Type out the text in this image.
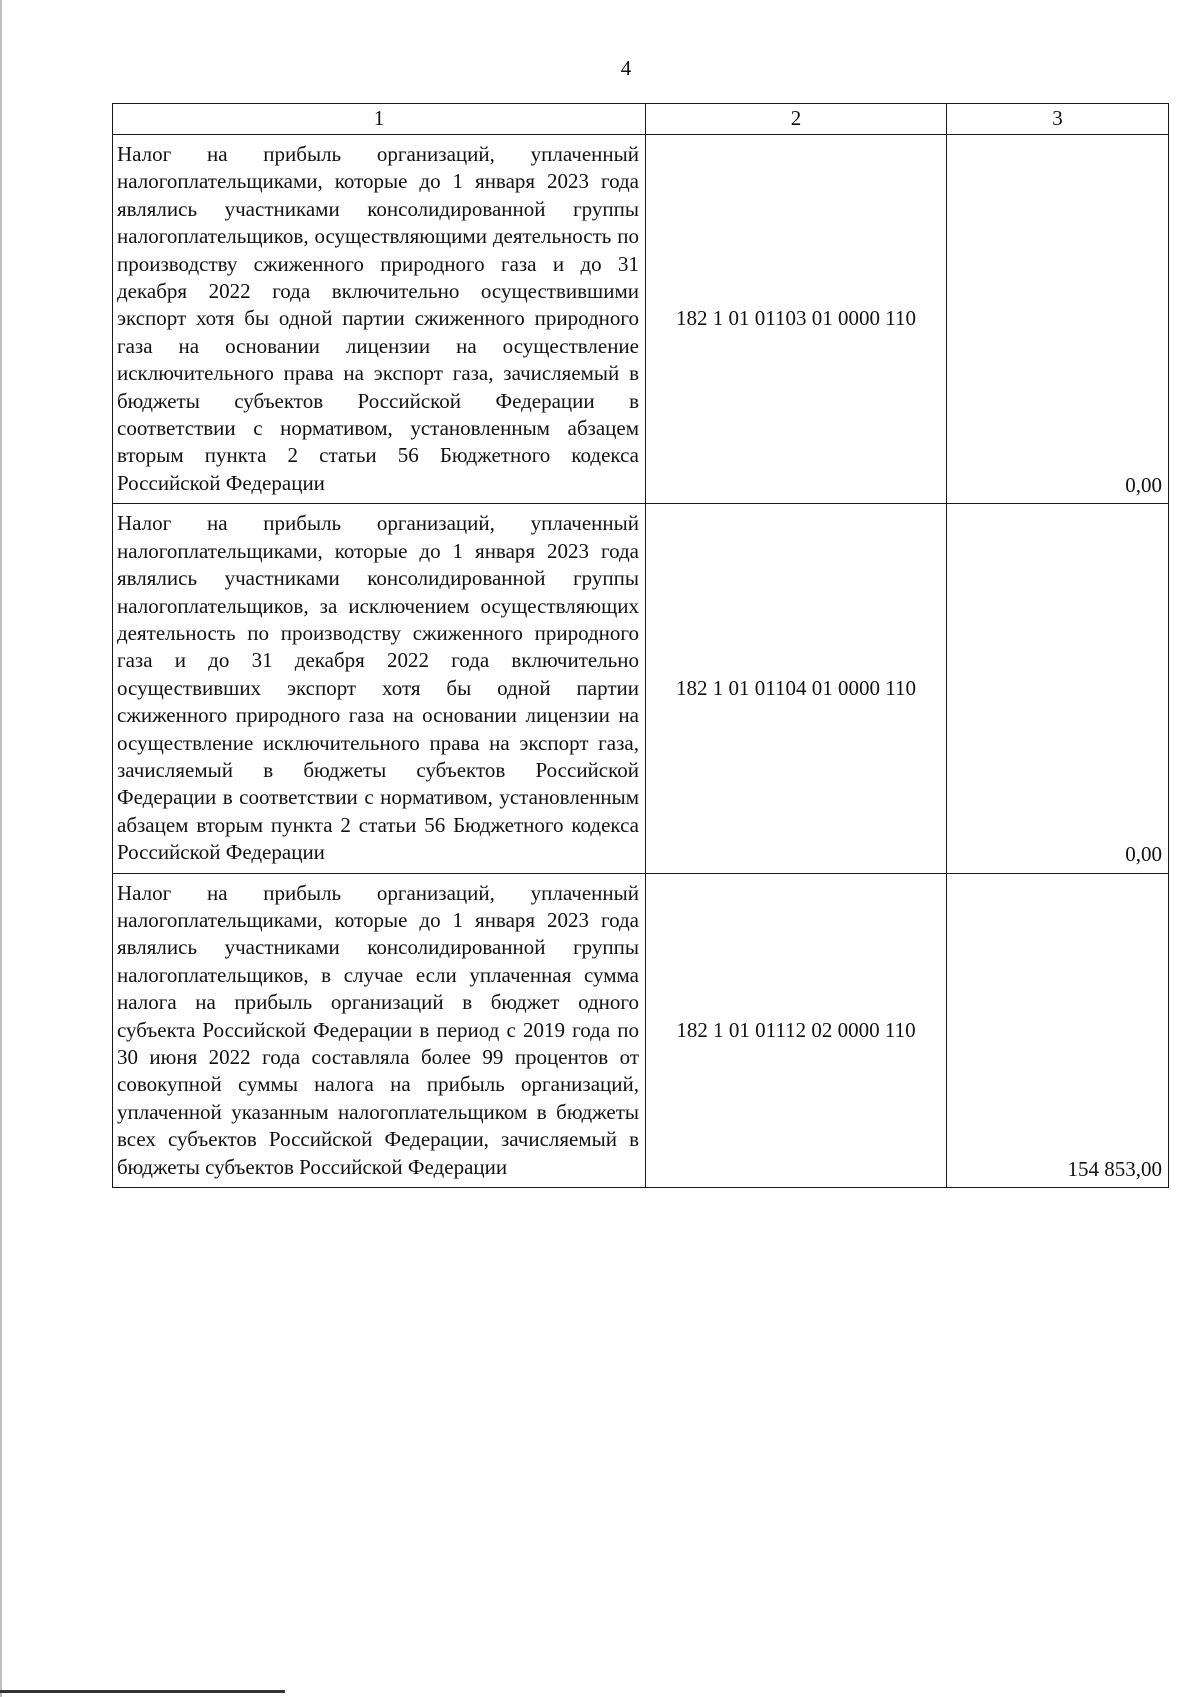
4
1	2	3
Налог на прибыль организаций, уплаченный налогоплательщиками, которые до 1 января 2023 года являлись участниками консолидированной группы налогоплательщиков, осуществляющими деятельность по производству сжиженного природного газа и до 31 декабря 2022 года включительно осуществившими экспорт хотя бы одной партии сжиженного природного газа на основании лицензии на осуществление исключительного права на экспорт газа, зачисляемый в бюджеты субъектов Российской Федерации в соответствии с нормативом, установленным абзацем вторым пункта 2 статьи 56 Бюджетного кодекса Российской Федерации	182 1 01 01103 01 0000 110	0,00
Налог на прибыль организаций, уплаченный налогоплательщиками, которые до 1 января 2023 года являлись участниками консолидированной группы налогоплательщиков, за исключением осуществляющих деятельность по производству сжиженного природного газа и до 31 декабря 2022 года включительно осуществивших экспорт хотя бы одной партии сжиженного природного газа на основании лицензии на осуществление исключительного права на экспорт газа, зачисляемый в бюджеты субъектов Российской Федерации в соответствии с нормативом, установленным абзацем вторым пункта 2 статьи 56 Бюджетного кодекса Российской Федерации	182 1 01 01104 01 0000 110	0,00
Налог на прибыль организаций, уплаченный налогоплательщиками, которые до 1 января 2023 года являлись участниками консолидированной группы налогоплательщиков, в случае если уплаченная сумма налога на прибыль организаций в бюджет одного субъекта Российской Федерации в период с 2019 года по 30 июня 2022 года составляла более 99 процентов от совокупной суммы налога на прибыль организаций, уплаченной указанным налогоплательщиком в бюджеты всех субъектов Российской Федерации, зачисляемый в бюджеты субъектов Российской Федерации	182 1 01 01112 02 0000 110	154 853,00
